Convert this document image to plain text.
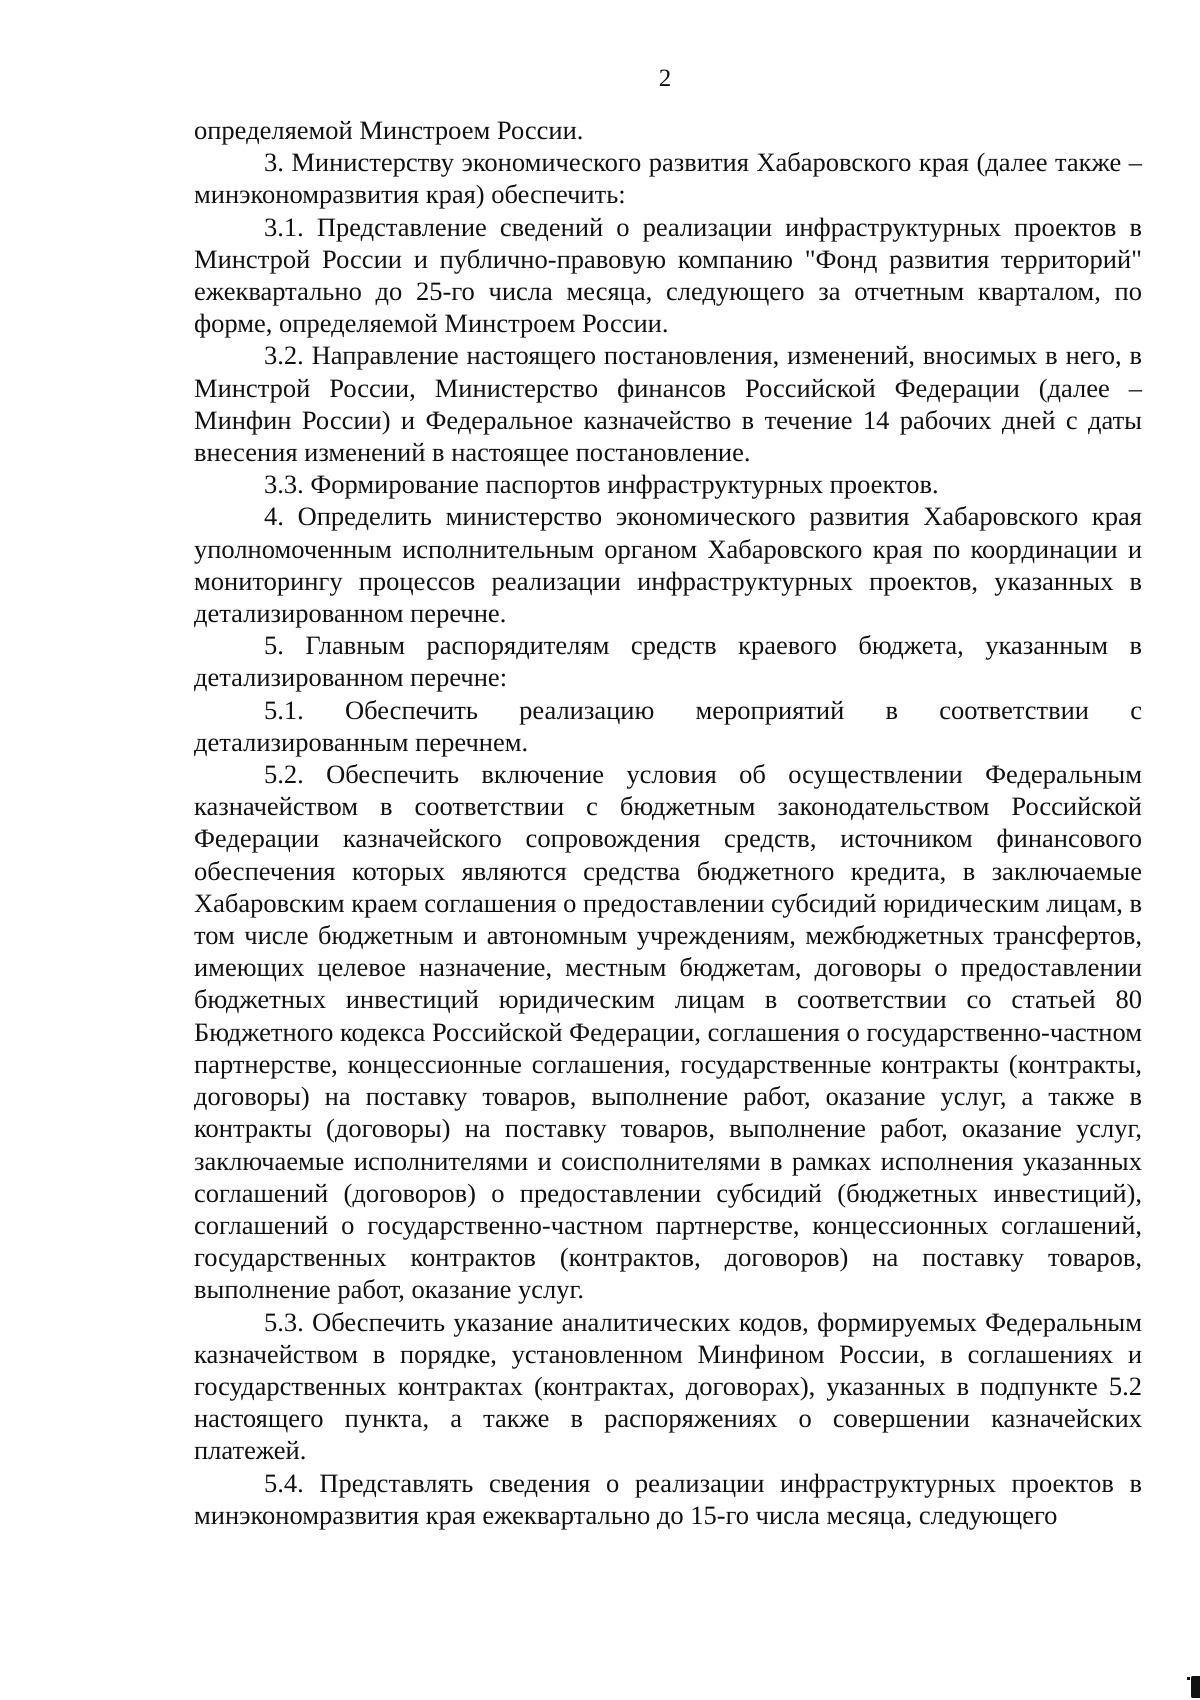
2

определяемой Минстроем России.

3. Министерству экономического развития Хабаровского края (далее также – минэкономразвития края) обеспечить:

3.1. Представление сведений о реализации инфраструктурных проектов в Минстрой России и публично-правовую компанию "Фонд развития территорий" ежеквартально до 25-го числа месяца, следующего за отчетным кварталом, по форме, определяемой Минстроем России.

3.2. Направление настоящего постановления, изменений, вносимых в него, в Минстрой России, Министерство финансов Российской Федерации (далее – Минфин России) и Федеральное казначейство в течение 14 рабочих дней с даты внесения изменений в настоящее постановление.

3.3. Формирование паспортов инфраструктурных проектов.

4. Определить министерство экономического развития Хабаровского края уполномоченным исполнительным органом Хабаровского края по координации и мониторингу процессов реализации инфраструктурных проектов, указанных в детализированном перечне.

5. Главным распорядителям средств краевого бюджета, указанным в детализированном перечне:

5.1. Обеспечить реализацию мероприятий в соответствии с детализированным перечнем.

5.2. Обеспечить включение условия об осуществлении Федеральным казначейством в соответствии с бюджетным законодательством Российской Федерации казначейского сопровождения средств, источником финансового обеспечения которых являются средства бюджетного кредита, в заключаемые Хабаровским краем соглашения о предоставлении субсидий юридическим лицам, в том числе бюджетным и автономным учреждениям, межбюджетных трансфертов, имеющих целевое назначение, местным бюджетам, договоры о предоставлении бюджетных инвестиций юридическим лицам в соответствии со статьей 80 Бюджетного кодекса Российской Федерации, соглашения о государственно-частном партнерстве, концессионные соглашения, государственные контракты (контракты, договоры) на поставку товаров, выполнение работ, оказание услуг, а также в контракты (договоры) на поставку товаров, выполнение работ, оказание услуг, заключаемые исполнителями и соисполнителями в рамках исполнения указанных соглашений (договоров) о предоставлении субсидий (бюджетных инвестиций), соглашений о государственно-частном партнерстве, концессионных соглашений, государственных контрактов (контрактов, договоров) на поставку товаров, выполнение работ, оказание услуг.

5.3. Обеспечить указание аналитических кодов, формируемых Федеральным казначейством в порядке, установленном Минфином России, в соглашениях и государственных контрактах (контрактах, договорах), указанных в подпункте 5.2 настоящего пункта, а также в распоряжениях о совершении казначейских платежей.

5.4. Представлять сведения о реализации инфраструктурных проектов в минэкономразвития края ежеквартально до 15-го числа месяца, следующего
